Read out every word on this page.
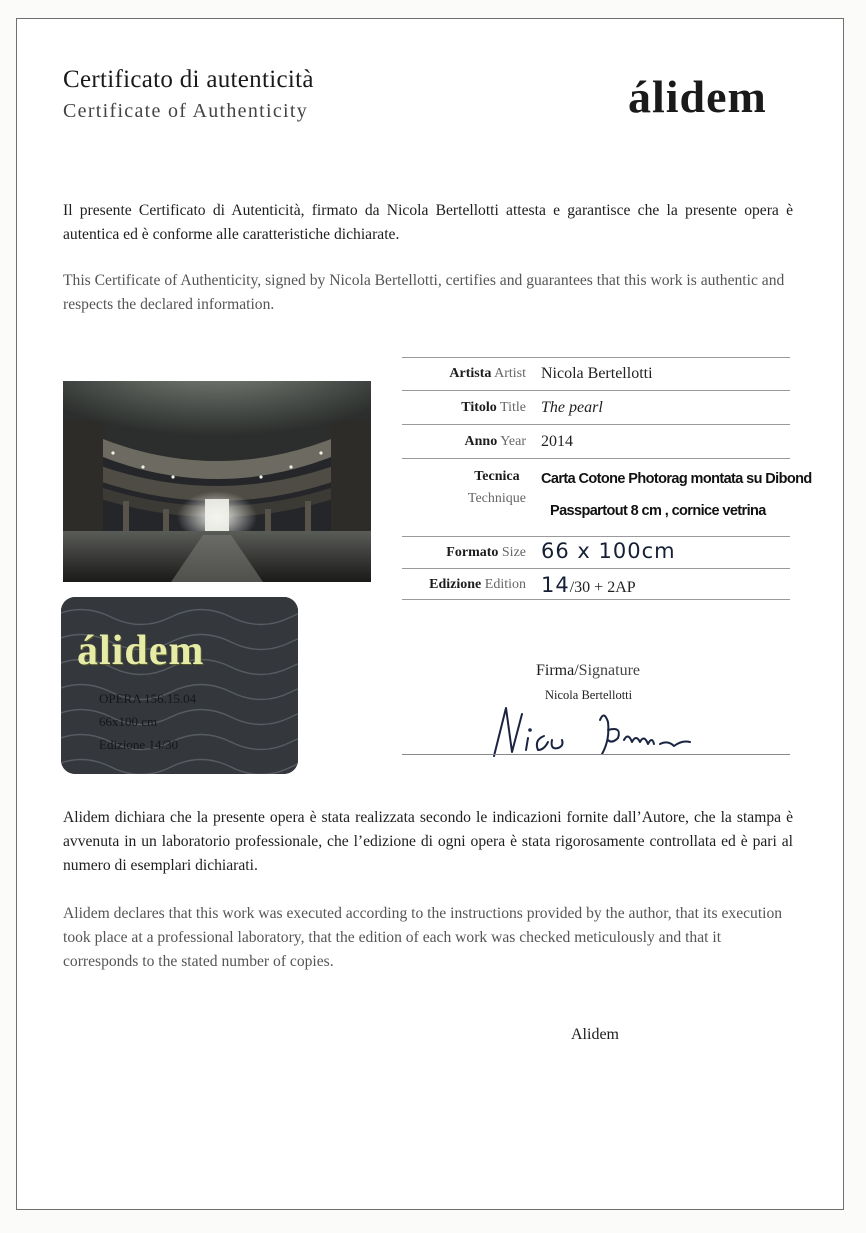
Certificato di autenticità
Certificate of Authenticity	álidem

Il presente Certificato di Autenticità, firmato da Nicola Bertellotti attesta e garantisce che la presente opera è autentica ed è conforme alle caratteristiche dichiarate.

This Certificate of Authenticity, signed by Nicola Bertellotti, certifies and guarantees that this work is authentic and respects the declared information.

álidem
OPERA 156.15.04
66x100 cm
Edizione 14/30
Artista Artist Nicola Bertellotti
Titolo Title The pearl
Anno Year 2014
Tecnica
Technique
Carta Cotone Photorag montata su Dibond
Passpartout 8 cm , cornice vetrina
Formato Size 66 x 100cm
Edizione Edition 14/30 + 2AP
Firma/Signature
Nicola Bertellotti

Alidem dichiara che la presente opera è stata realizzata secondo le indicazioni fornite dall’Autore, che la stampa è avvenuta in un laboratorio professionale, che l’edizione di ogni opera è stata rigorosamente controllata ed è pari al numero di esemplari dichiarati.

Alidem declares that this work was executed according to the instructions provided by the author, that its execution took place at a professional laboratory, that the edition of each work was checked meticulously and that it corresponds to the stated number of copies.

Alidem
